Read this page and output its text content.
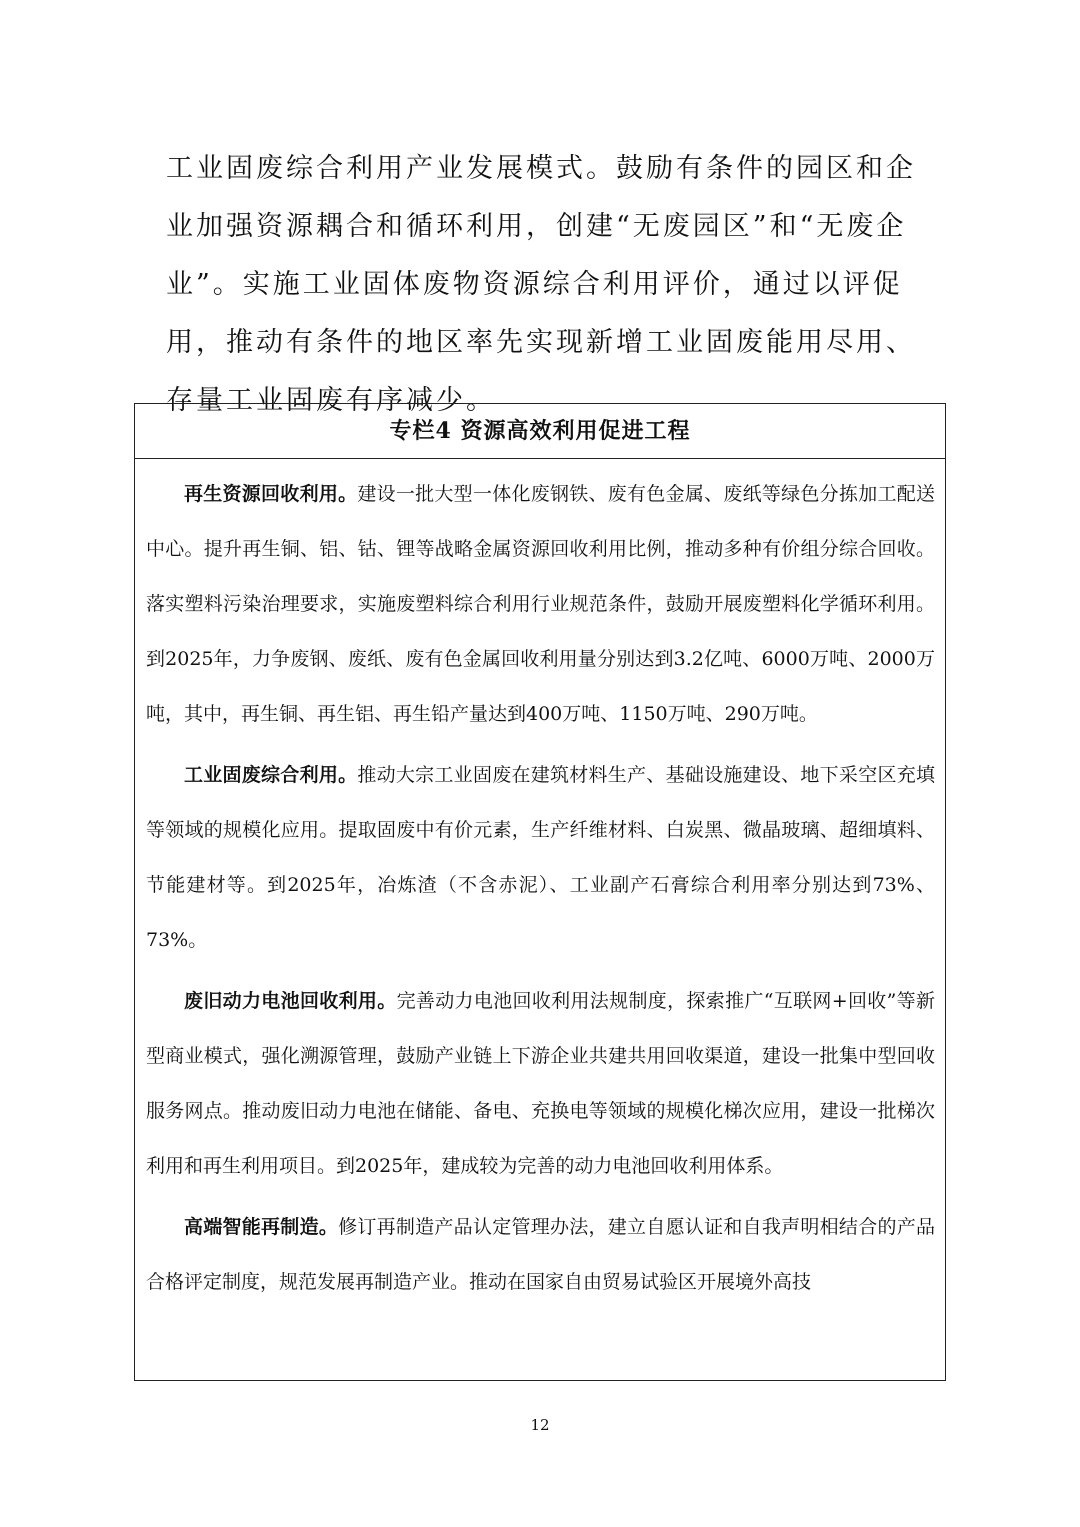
工业固废综合利用产业发展模式。鼓励有条件的园区和企业加强资源耦合和循环利用，创建“无废园区”和“无废企业”。实施工业固体废物资源综合利用评价，通过以评促用，推动有条件的地区率先实现新增工业固废能用尽用、存量工业固废有序减少。

专栏4 资源高效利用促进工程

再生资源回收利用。建设一批大型一体化废钢铁、废有色金属、废纸等绿色分拣加工配送中心。提升再生铜、铝、钴、锂等战略金属资源回收利用比例，推动多种有价组分综合回收。落实塑料污染治理要求，实施废塑料综合利用行业规范条件，鼓励开展废塑料化学循环利用。到2025年，力争废钢、废纸、废有色金属回收利用量分别达到3.2亿吨、6000万吨、2000万吨，其中，再生铜、再生铝、再生铅产量达到400万吨、1150万吨、290万吨。

工业固废综合利用。推动大宗工业固废在建筑材料生产、基础设施建设、地下采空区充填等领域的规模化应用。提取固废中有价元素，生产纤维材料、白炭黑、微晶玻璃、超细填料、节能建材等。到2025年，冶炼渣（不含赤泥）、工业副产石膏综合利用率分别达到73%、73%。

废旧动力电池回收利用。完善动力电池回收利用法规制度，探索推广“互联网+回收”等新型商业模式，强化溯源管理，鼓励产业链上下游企业共建共用回收渠道，建设一批集中型回收服务网点。推动废旧动力电池在储能、备电、充换电等领域的规模化梯次应用，建设一批梯次利用和再生利用项目。到2025年，建成较为完善的动力电池回收利用体系。

高端智能再制造。修订再制造产品认定管理办法，建立自愿认证和自我声明相结合的产品合格评定制度，规范发展再制造产业。推动在国家自由贸易试验区开展境外高技

12
